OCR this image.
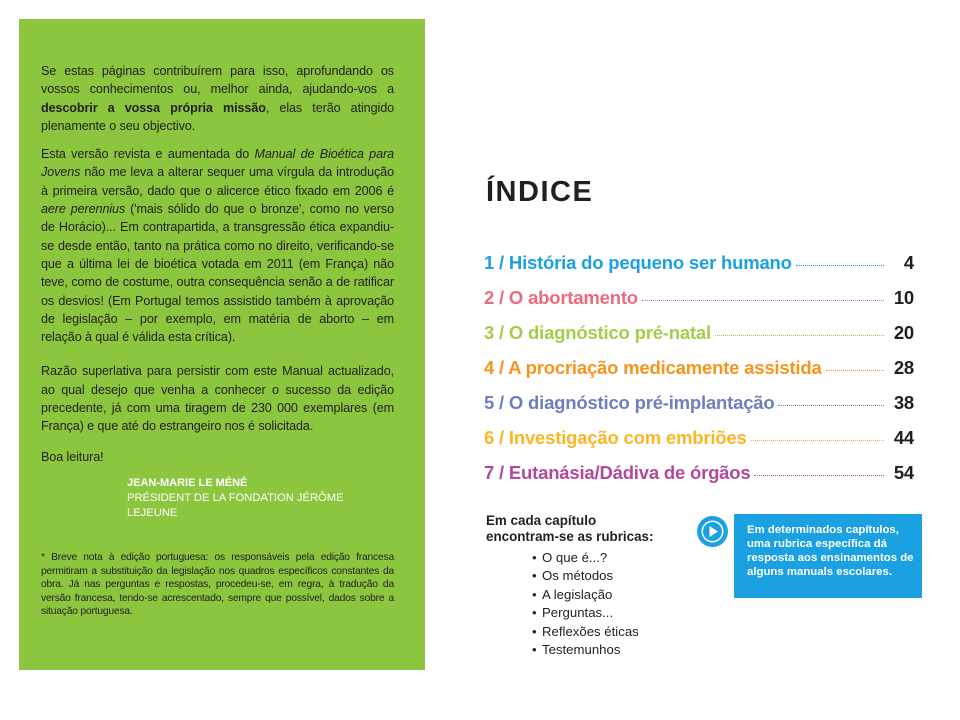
Se estas páginas contribuírem para isso, aprofundando os vossos conhecimentos ou, melhor ainda, ajudando-vos a descobrir a vossa própria missão, elas terão atingido plenamente o seu objectivo.

Esta versão revista e aumentada do Manual de Bioética para Jovens não me leva a alterar sequer uma vírgula da introdução à primeira versão, dado que o alicerce ético fixado em 2006 é aere perennius ('mais sólido do que o bronze', como no verso de Horácio)... Em contrapartida, a transgressão ética expandiu-se desde então, tanto na prática como no direito, verificando-se que a última lei de bioética votada em 2011 (em França) não teve, como de costume, outra consequência senão a de ratificar os desvios! (Em Portugal temos assistido também à aprovação de legislação – por exemplo, em matéria de aborto – em relação à qual é válida esta crítica).

Razão superlativa para persistir com este Manual actualizado, ao qual desejo que venha a conhecer o sucesso da edição precedente, já com uma tiragem de 230 000 exemplares (em França) e que até do estrangeiro nos é solicitada.

Boa leitura!

JEAN-MARIE LE MÉNÉ
PRÉSIDENT DE LA FONDATION JÉRÔME LEJEUNE

* Breve nota à edição portuguesa: os responsáveis pela edição francesa permitiram a substituição da legislação nos quadros específicos constantes da obra. Já nas perguntas e respostas, procedeu-se, em regra, à tradução da versão francesa, tendo-se acrescentado, sempre que possível, dados sobre a situação portuguesa.

ÍNDICE
1 / História do pequeno ser humano	4
2 / O abortamento	10
3 / O diagnóstico pré-natal	20
4 / A procriação medicamente assistida	28
5 / O diagnóstico pré-implantação	38
6 / Investigação com embriões	44
7 / Eutanásia/Dádiva de órgãos	54
Em cada capítulo
encontram-se as rubricas:
• O que é...?
• Os métodos
• A legislação
• Perguntas...
• Reflexões éticas
• Testemunhos
Em determinados capítulos, uma rubrica específica dá resposta aos ensinamentos de alguns manuals escolares.
